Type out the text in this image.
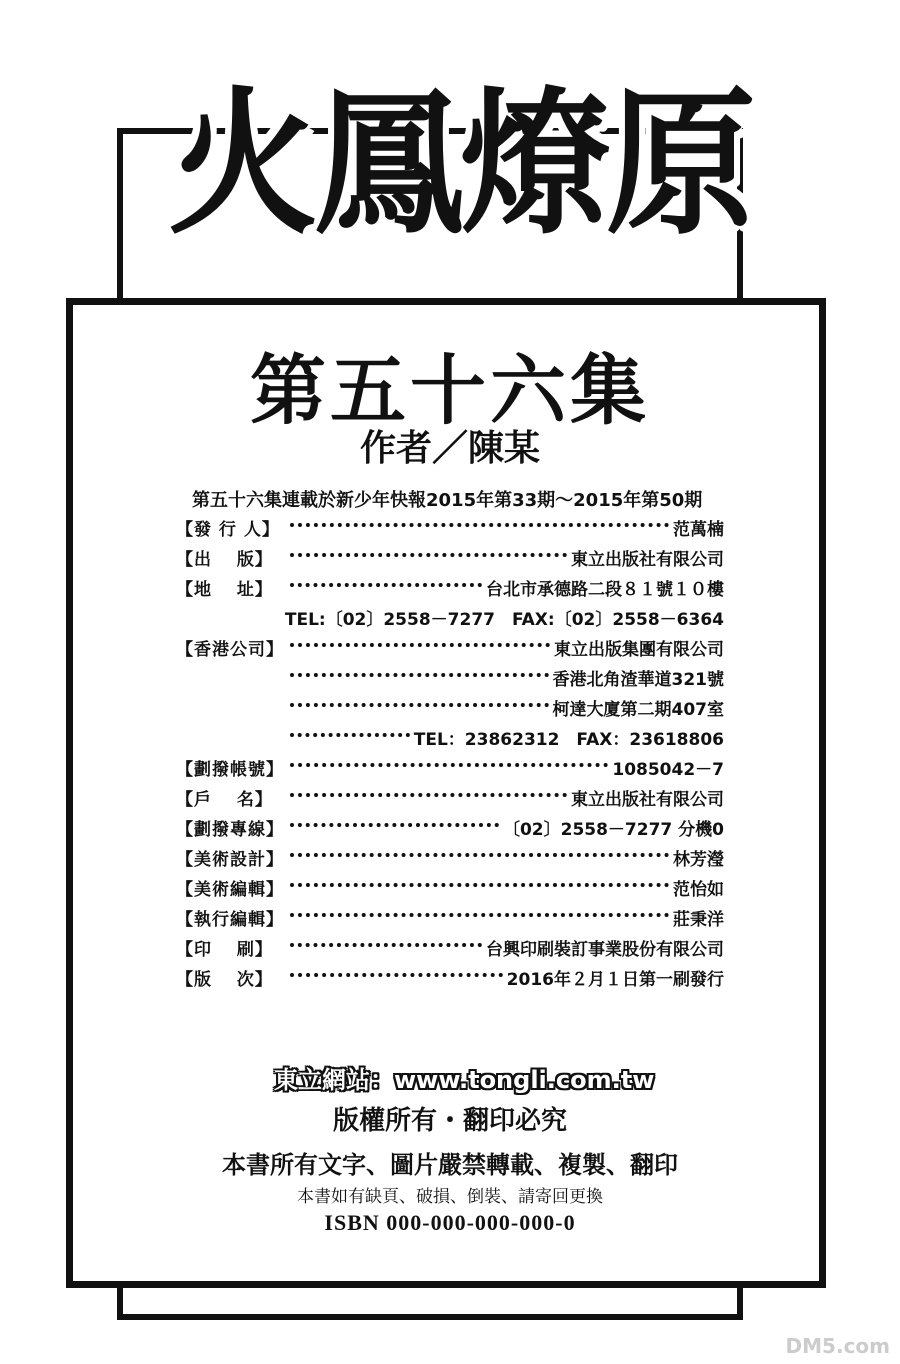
火鳳燎原
第五十六集
作者／陳某
第五十六集連載於新少年快報2015年第33期～2015年第50期
【發 行 人】	范萬楠
【出　 版】	東立出版社有限公司
【地　 址】	台北市承德路二段８１號１０樓
TEL:〔02〕2558－7277　FAX:〔02〕2558－6364
【香港公司】	東立出版集團有限公司
香港北角渣華道321號
柯達大廈第二期407室
TEL：23862312　FAX：23618806
【劃撥帳號】	1085042－7
【戶　 名】	東立出版社有限公司
【劃撥專線】	〔02〕2558－7277 分機0
【美術設計】	林芳瀅
【美術編輯】	范怡如
【執行編輯】	莊秉洋
【印　 刷】	台興印刷裝訂事業股份有限公司
【版　 次】	2016年２月１日第一刷發行
東立網站：www.tongli.com.tw
版權所有・翻印必究
本書所有文字、圖片嚴禁轉載、複製、翻印
本書如有缺頁、破損、倒裝、請寄回更換
ISBN 000-000-000-000-0
DM5.com
